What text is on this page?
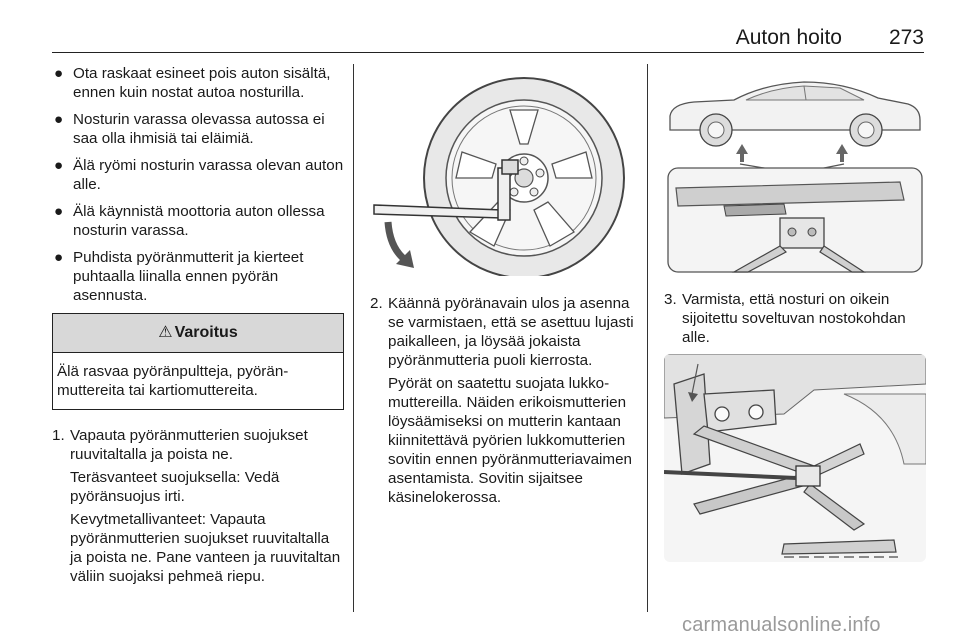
Auton hoito 273
● Ota raskaat esineet pois auton sisältä, ennen kuin nostat autoa nosturilla.
● Nosturin varassa olevassa autossa ei saa olla ihmisiä tai eläimiä.
● Älä ryömi nosturin varassa olevan auton alle.
● Älä käynnistä moottoria auton ollessa nosturin varassa.
● Puhdista pyöränmutterit ja kierteet puhtaalla liinalla ennen pyörän asennusta.
⚠ Varoitus
Älä rasvaa pyöränpultteja, pyöränmuttereita tai kartiomuttereita.
1. Vapauta pyöränmutterien suojukset ruuvitaltalla ja poista ne.

Teräsvanteet suojuksella: Vedä pyöränsuojus irti.

Kevytmetallivanteet: Vapauta pyöränmutterien suojukset ruuvitaltalla ja poista ne. Pane vanteen ja ruuvitaltan väliin suojaksi pehmeä riepu.

2. Käännä pyöränavain ulos ja asenna se varmistaen, että se asettuu lujasti paikalleen, ja löysää jokaista pyöränmutteria puoli kierrosta.

Pyörät on saatettu suojata lukkomuttereilla. Näiden erikoismutterien löysäämiseksi on mutterin kantaan kiinnitettävä pyörien lukkomutterien sovitin ennen pyöränmutteriavaimen asentamista. Sovitin sijaitsee käsinelokerossa.

3. Varmista, että nosturi on oikein sijoitettu soveltuvan nostokohdan alle.
carmanualsonline.info
